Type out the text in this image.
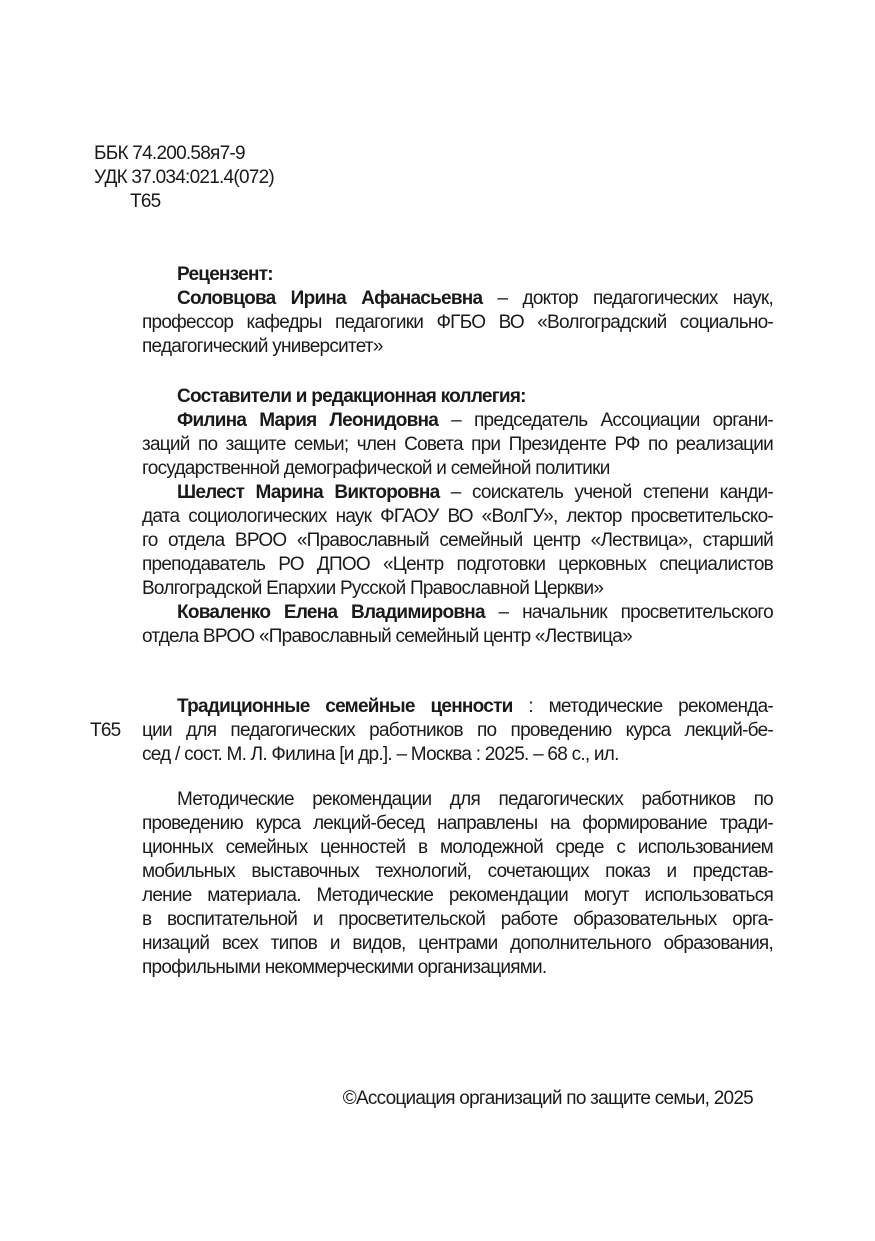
ББК 74.200.58я7-9
УДК 37.034:021.4(072)
Т65
Рецензент:
Соловцова Ирина Афанасьевна – доктор педагогических наук,
профессор кафедры педагогики ФГБО ВО «Волгоградский социально-
педагогический университет»
Составители и редакционная коллегия:
Филина Мария Леонидовна – председатель Ассоциации органи-
заций по защите семьи; член Совета при Президенте РФ по реализации
государственной демографической и семейной политики
Шелест Марина Викторовна – соискатель ученой степени канди-
дата социологических наук ФГАОУ ВО «ВолГУ», лектор просветительско-
го отдела ВРОО «Православный семейный центр «Лествица», старший
преподаватель РО ДПОО «Центр подготовки церковных специалистов
Волгоградской Епархии Русской Православной Церкви»
Коваленко Елена Владимировна – начальник просветительского
отдела ВРОО «Православный семейный центр «Лествица»
Т65
Традиционные семейные ценности : методические рекоменда-
ции для педагогических работников по проведению курса лекций-бе-
сед / сост. М. Л. Филина [и др.]. – Москва : 2025. – 68 с., ил.
Методические рекомендации для педагогических работников по
проведению курса лекций-бесед направлены на формирование тради-
ционных семейных ценностей в молодежной среде с использованием
мобильных выставочных технологий, сочетающих показ и представ-
ление материала. Методические рекомендации могут использоваться
в воспитательной и просветительской работе образовательных орга-
низаций всех типов и видов, центрами дополнительного образования,
профильными некоммерческими организациями.
©Ассоциация организаций по защите семьи, 2025
